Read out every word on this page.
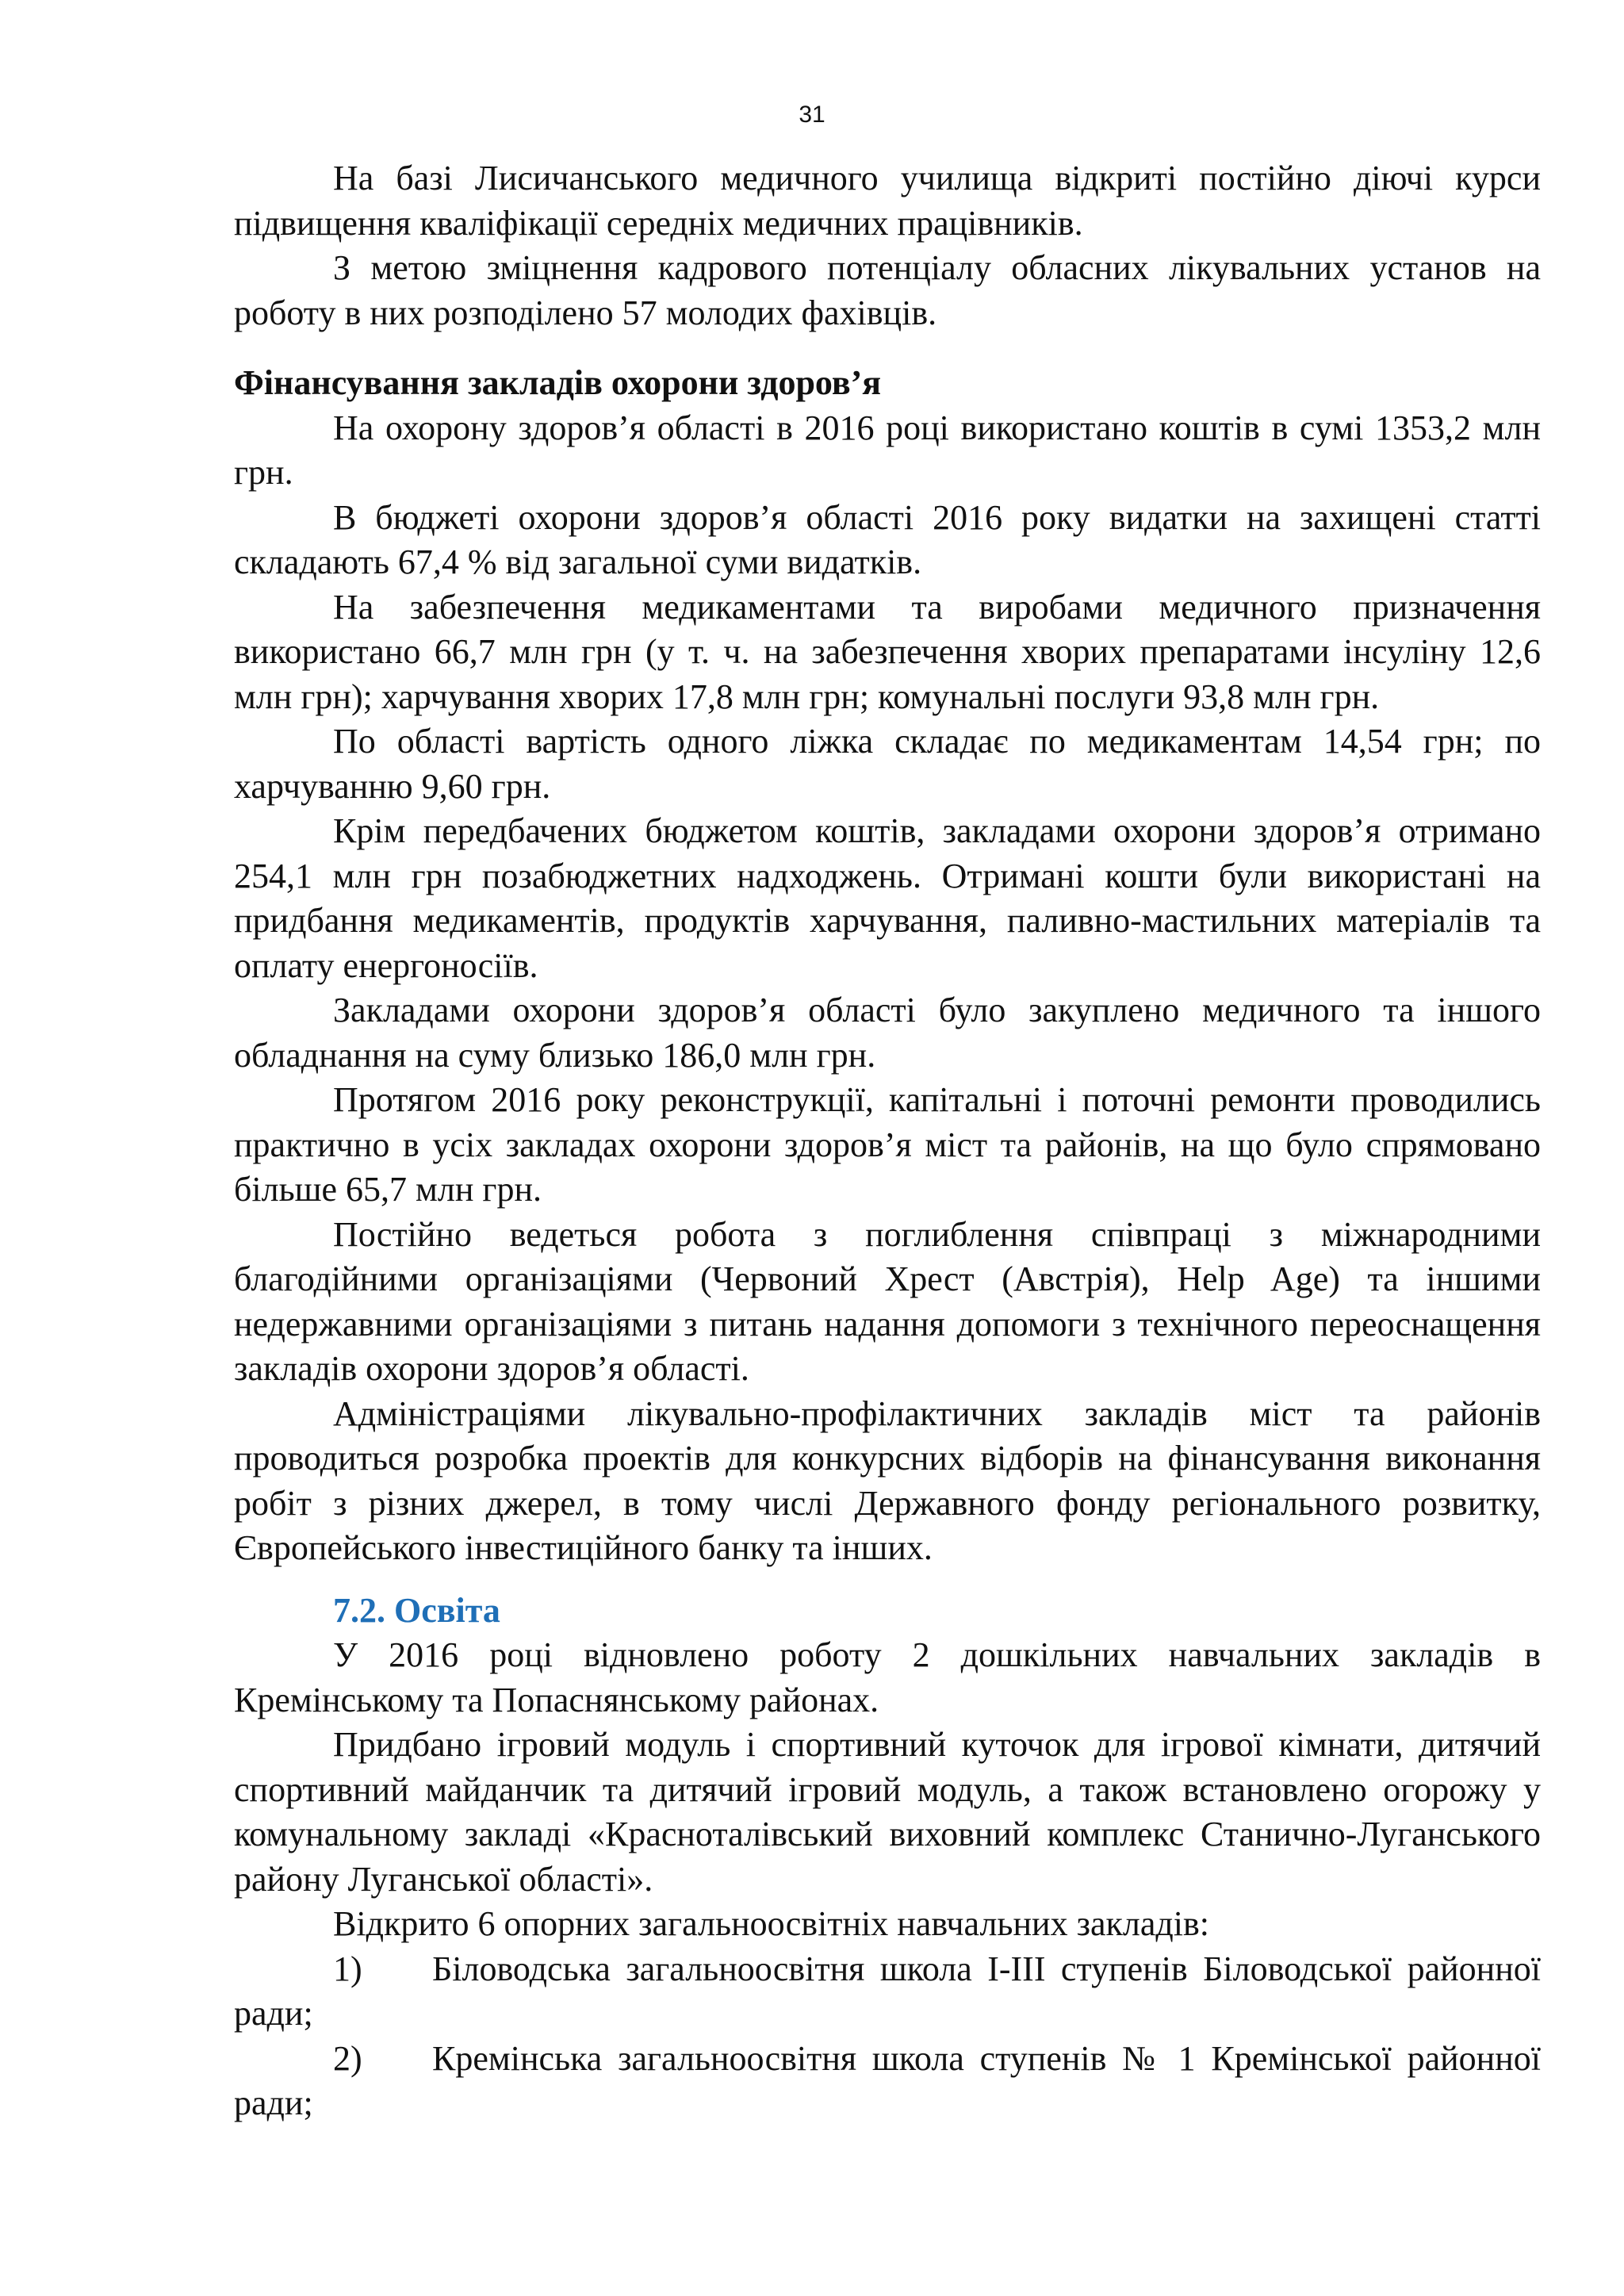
31

На базі Лисичанського медичного училища відкриті постійно діючі курси підвищення кваліфікації середніх медичних працівників.

З метою зміцнення кадрового потенціалу обласних лікувальних установ на роботу в них розподілено 57 молодих фахівців.

Фінансування закладів охорони здоров’я

На охорону здоров’я області в 2016 році використано коштів в сумі 1353,2 млн грн.

В бюджеті охорони здоров’я області 2016 року видатки на захищені статті складають 67,4 % від загальної суми видатків.

На забезпечення медикаментами та виробами медичного призначення використано 66,7 млн грн (у т. ч. на забезпечення хворих препаратами інсуліну 12,6 млн грн); харчування хворих 17,8 млн грн; комунальні послуги 93,8 млн грн.

По області вартість одного ліжка складає по медикаментам 14,54 грн; по харчуванню 9,60 грн.

Крім передбачених бюджетом коштів, закладами охорони здоров’я отримано 254,1 млн грн позабюджетних надходжень. Отримані кошти були використані на придбання медикаментів, продуктів харчування, паливно-мастильних матеріалів та оплату енергоносіїв.

Закладами охорони здоров’я області було закуплено медичного та іншого обладнання на суму близько 186,0 млн грн.

Протягом 2016 року реконструкції, капітальні і поточні ремонти проводились практично в усіх закладах охорони здоров’я міст та районів, на що було спрямовано більше 65,7 млн грн.

Постійно ведеться робота з поглиблення співпраці з міжнародними благодійними організаціями (Червоний Хрест (Австрія), Help Age) та іншими недержавними організаціями з питань надання допомоги з технічного переоснащення закладів охорони здоров’я області.

Адміністраціями лікувально-профілактичних закладів міст та районів проводиться розробка проектів для конкурсних відборів на фінансування виконання робіт з різних джерел, в тому числі Державного фонду регіонального розвитку, Європейського інвестиційного банку та інших.

7.2. Освіта

У 2016 році відновлено роботу 2 дошкільних навчальних закладів в Кремінському та Попаснянському районах.

Придбано ігровий модуль і спортивний куточок для ігрової кімнати, дитячий спортивний майданчик та дитячий ігровий модуль, а також встановлено огорожу у комунальному закладі «Красноталівський виховний комплекс Станично-Луганського району Луганської області».

Відкрито 6 опорних загальноосвітніх навчальних закладів:

1) Біловодська загальноосвітня школа І-ІІІ ступенів Біловодської районної ради;

2) Кремінська загальноосвітня школа ступенів № 1 Кремінської районної ради;
